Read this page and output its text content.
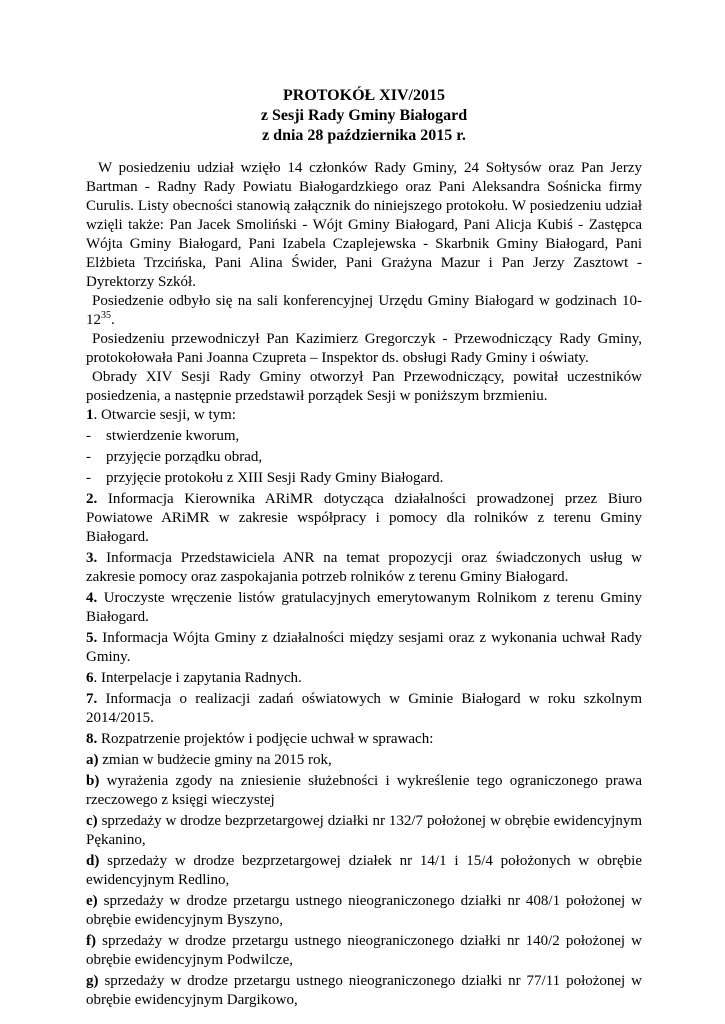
PROTOKÓŁ XIV/2015
z Sesji Rady Gminy Białogard
z dnia 28 października 2015 r.

W posiedzeniu udział wzięło 14 członków Rady Gminy, 24 Sołtysów oraz Pan Jerzy Bartman - Radny Rady Powiatu Białogardzkiego oraz Pani Aleksandra Sośnicka firmy Curulis. Listy obecności stanowią załącznik do niniejszego protokołu. W posiedzeniu udział wzięli także: Pan Jacek Smoliński - Wójt Gminy Białogard, Pani Alicja Kubiś - Zastępca Wójta Gminy Białogard, Pani Izabela Czaplejewska - Skarbnik Gminy Białogard, Pani Elżbieta Trzcińska, Pani Alina Świder, Pani Grażyna Mazur i Pan Jerzy Zasztowt - Dyrektorzy Szkół.

Posiedzenie odbyło się na sali konferencyjnej Urzędu Gminy Białogard w godzinach $10-12^{35}$.

Posiedzeniu przewodniczył Pan Kazimierz Gregorczyk - Przewodniczący Rady Gminy, protokołowała Pani Joanna Czupreta – Inspektor ds. obsługi Rady Gminy i oświaty.

Obrady XIV Sesji Rady Gminy otworzył Pan Przewodniczący, powitał uczestników posiedzenia, a następnie przedstawił porządek Sesji w poniższym brzmieniu.

1. Otwarcie sesji, w tym:

- stwierdzenie kworum,

- przyjęcie porządku obrad,

- przyjęcie protokołu z XIII Sesji Rady Gminy Białogard.

2. Informacja Kierownika ARiMR dotycząca działalności prowadzonej przez Biuro Powiatowe ARiMR w zakresie współpracy i pomocy dla rolników z terenu Gminy Białogard.

3. Informacja Przedstawiciela ANR na temat propozycji oraz świadczonych usług w zakresie pomocy oraz zaspokajania potrzeb rolników z terenu Gminy Białogard.

4. Uroczyste wręczenie listów gratulacyjnych emerytowanym Rolnikom z terenu Gminy Białogard.

5. Informacja Wójta Gminy z działalności między sesjami oraz z wykonania uchwał Rady Gminy.

6. Interpelacje i zapytania Radnych.

7. Informacja o realizacji zadań oświatowych w Gminie Białogard w roku szkolnym 2014/2015.

8. Rozpatrzenie projektów i podjęcie uchwał w sprawach:

a) zmian w budżecie gminy na 2015 rok,

b) wyrażenia zgody na zniesienie służebności i wykreślenie tego ograniczonego prawa rzeczowego z księgi wieczystej

c) sprzedaży w drodze bezprzetargowej działki nr 132/7 położonej w obrębie ewidencyjnym Pękanino,

d) sprzedaży w drodze bezprzetargowej działek nr 14/1 i 15/4 położonych w obrębie ewidencyjnym Redlino,

e) sprzedaży w drodze przetargu ustnego nieograniczonego działki nr 408/1 położonej w obrębie ewidencyjnym Byszyno,

f) sprzedaży w drodze przetargu ustnego nieograniczonego działki nr 140/2 położonej w obrębie ewidencyjnym Podwilcze,

g) sprzedaży w drodze przetargu ustnego nieograniczonego działki nr 77/11 położonej w obrębie ewidencyjnym Dargikowo,
